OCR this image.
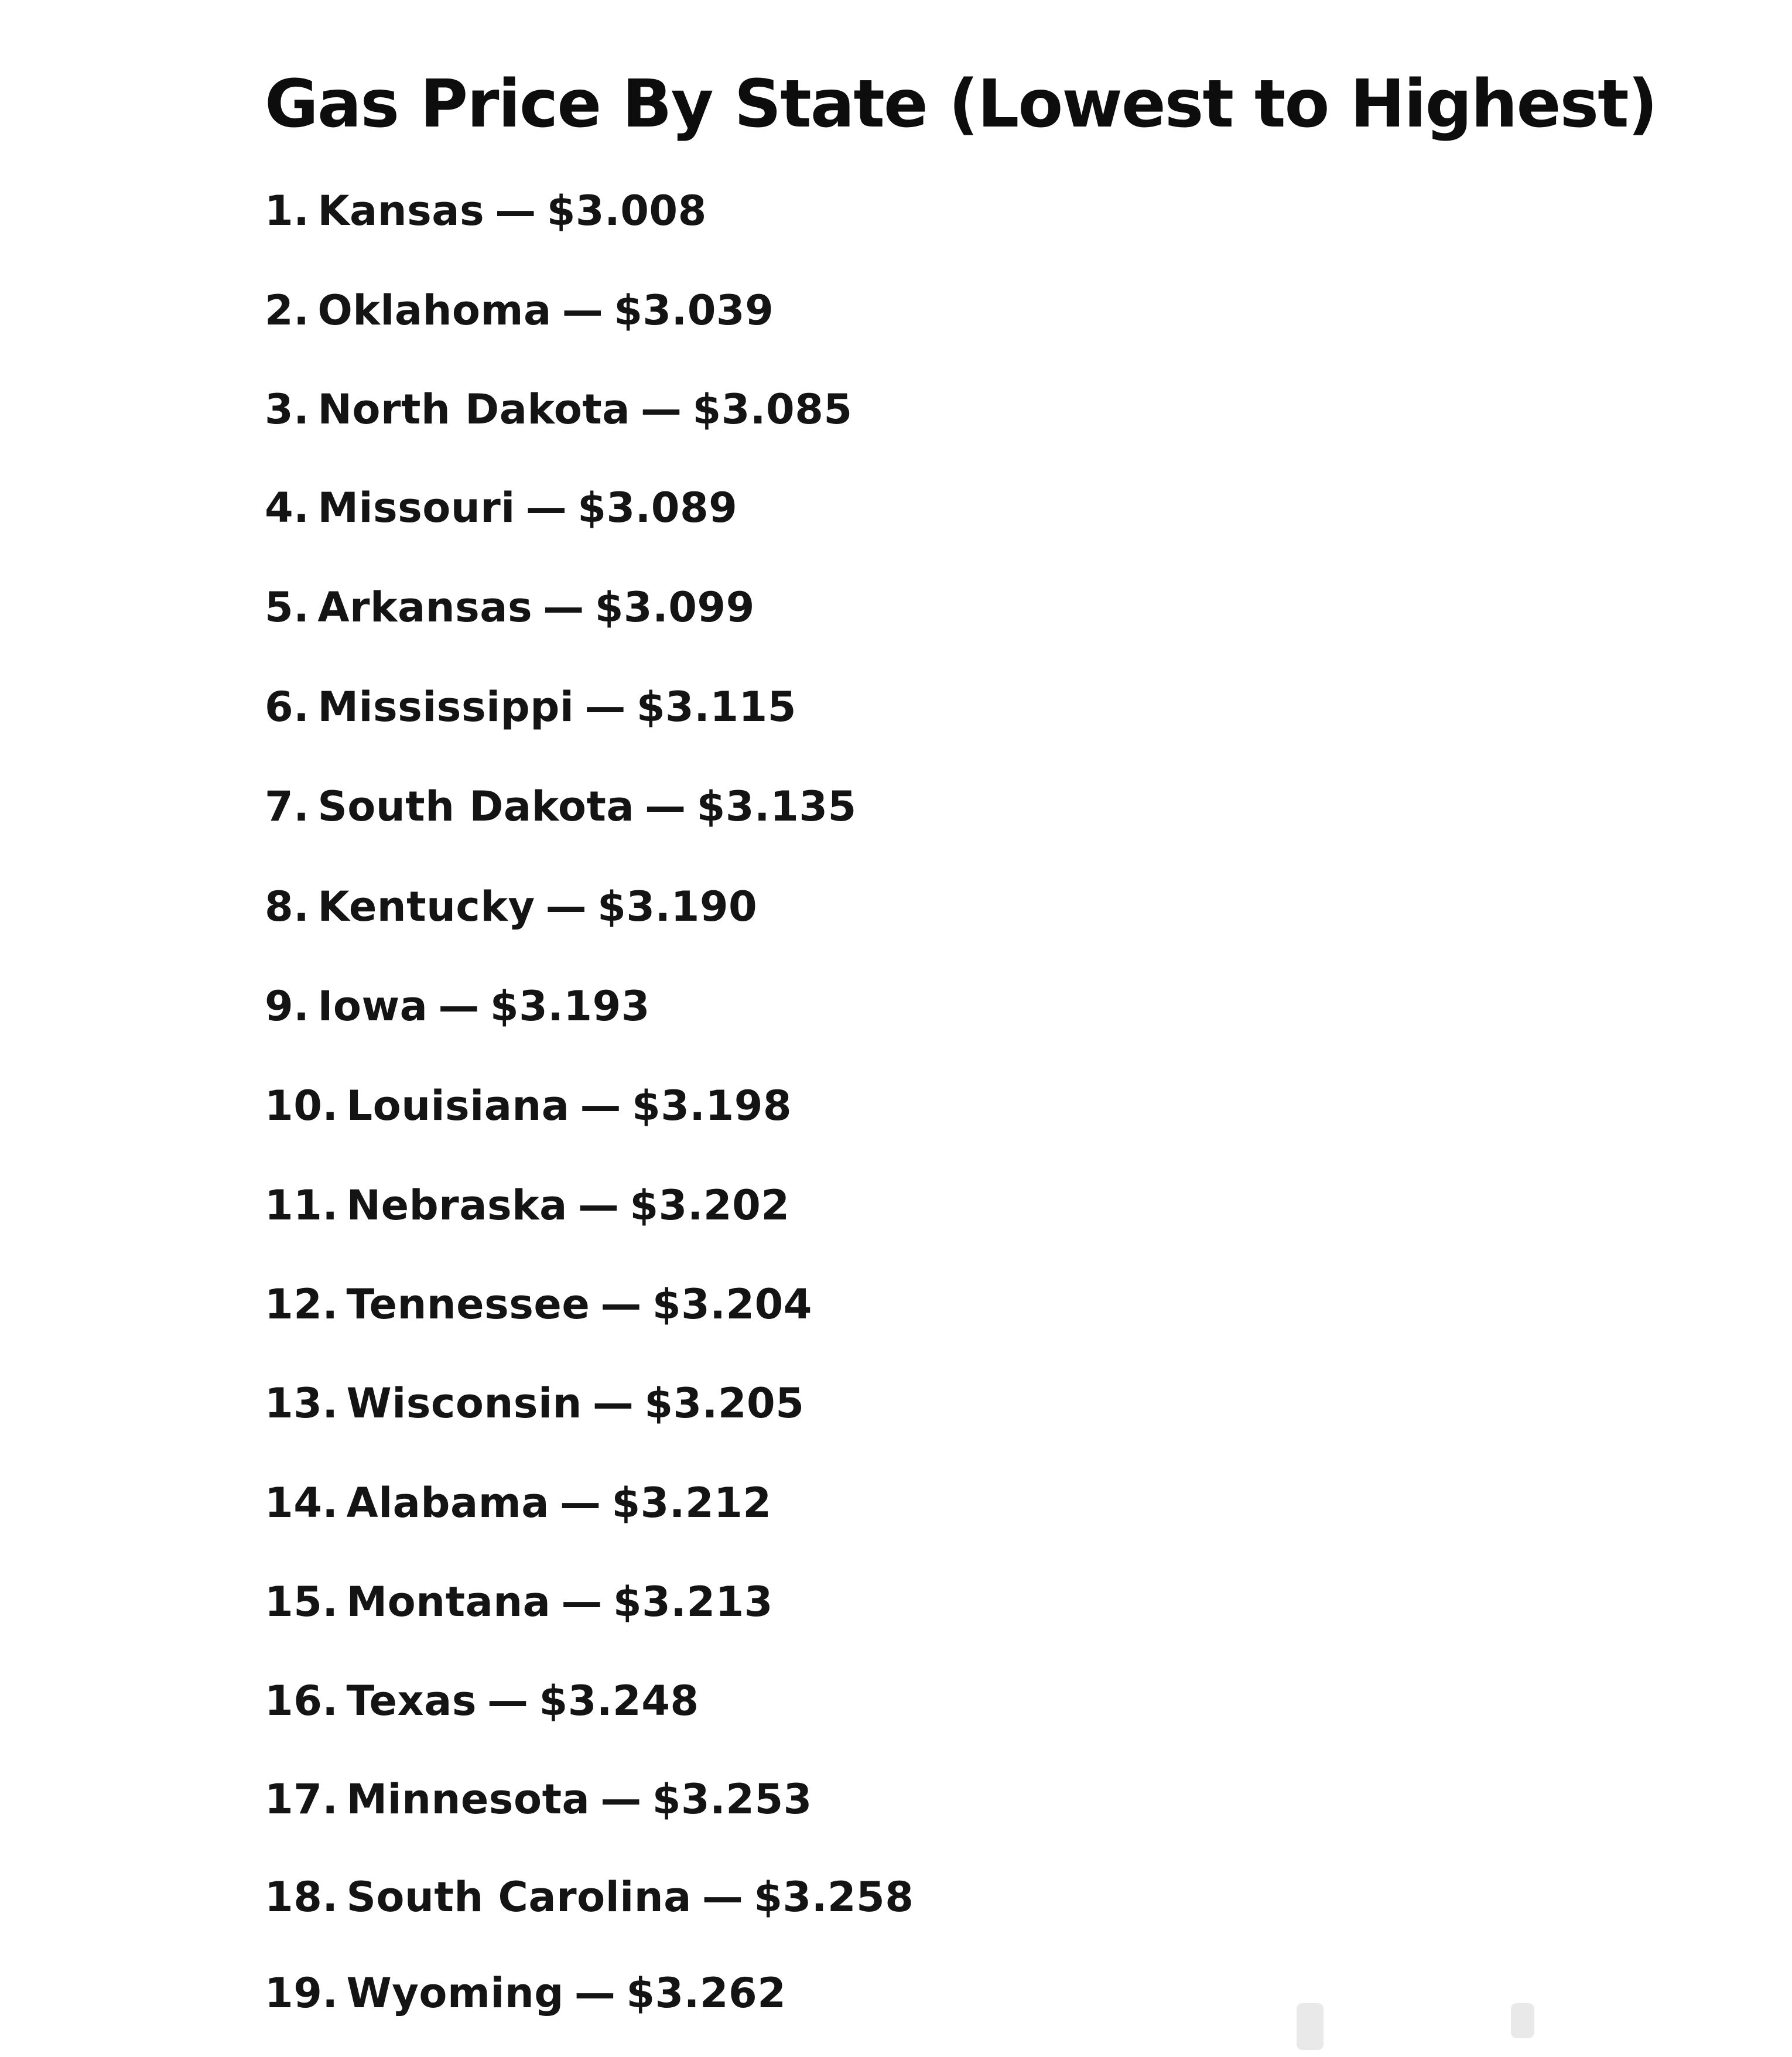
Gas Price By State (Lowest to Highest)
1. Kansas — $3.008
2. Oklahoma — $3.039
3. North Dakota — $3.085
4. Missouri — $3.089
5. Arkansas — $3.099
6. Mississippi — $3.115
7. South Dakota — $3.135
8. Kentucky — $3.190
9. Iowa — $3.193
10. Louisiana — $3.198
11. Nebraska — $3.202
12. Tennessee — $3.204
13. Wisconsin — $3.205
14. Alabama — $3.212
15. Montana — $3.213
16. Texas — $3.248
17. Minnesota — $3.253
18. South Carolina — $3.258
19. Wyoming — $3.262
